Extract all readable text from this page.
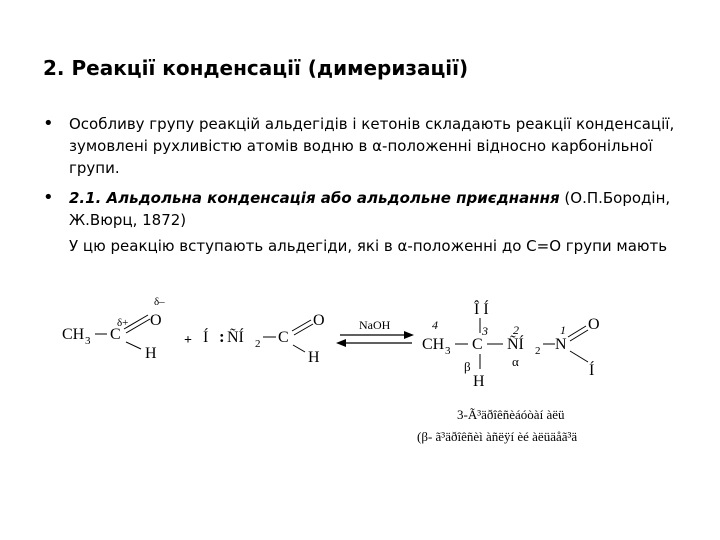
2. Реакції конденсації (димеризації)
• Особливу групу реакцій альдегідів і кетонів складають реакції конденсації, зумовлені рухливістю атомів водню в α-положенні відносно карбонільної групи.
• 2.1. Альдольна конденсація або альдольне приєднання (О.П.Бородін, Ж.Вюрц, 1872)
У цю реакцію вступають альдегіди, які в α-положенні до С=О групи мають
CH 3 C
δ+ O
δ–
H
+ Í : ÑÍ 2 C
O
H
NaOH
Î Í
4	3 2	1
CH 3 C ÑÍ 2 N
O
Í
H
β	α
3-Ã³äðîêñèáóòàí àëü
(β- ã³äðîêñèì àñëÿí èé àëüäåã³ä
